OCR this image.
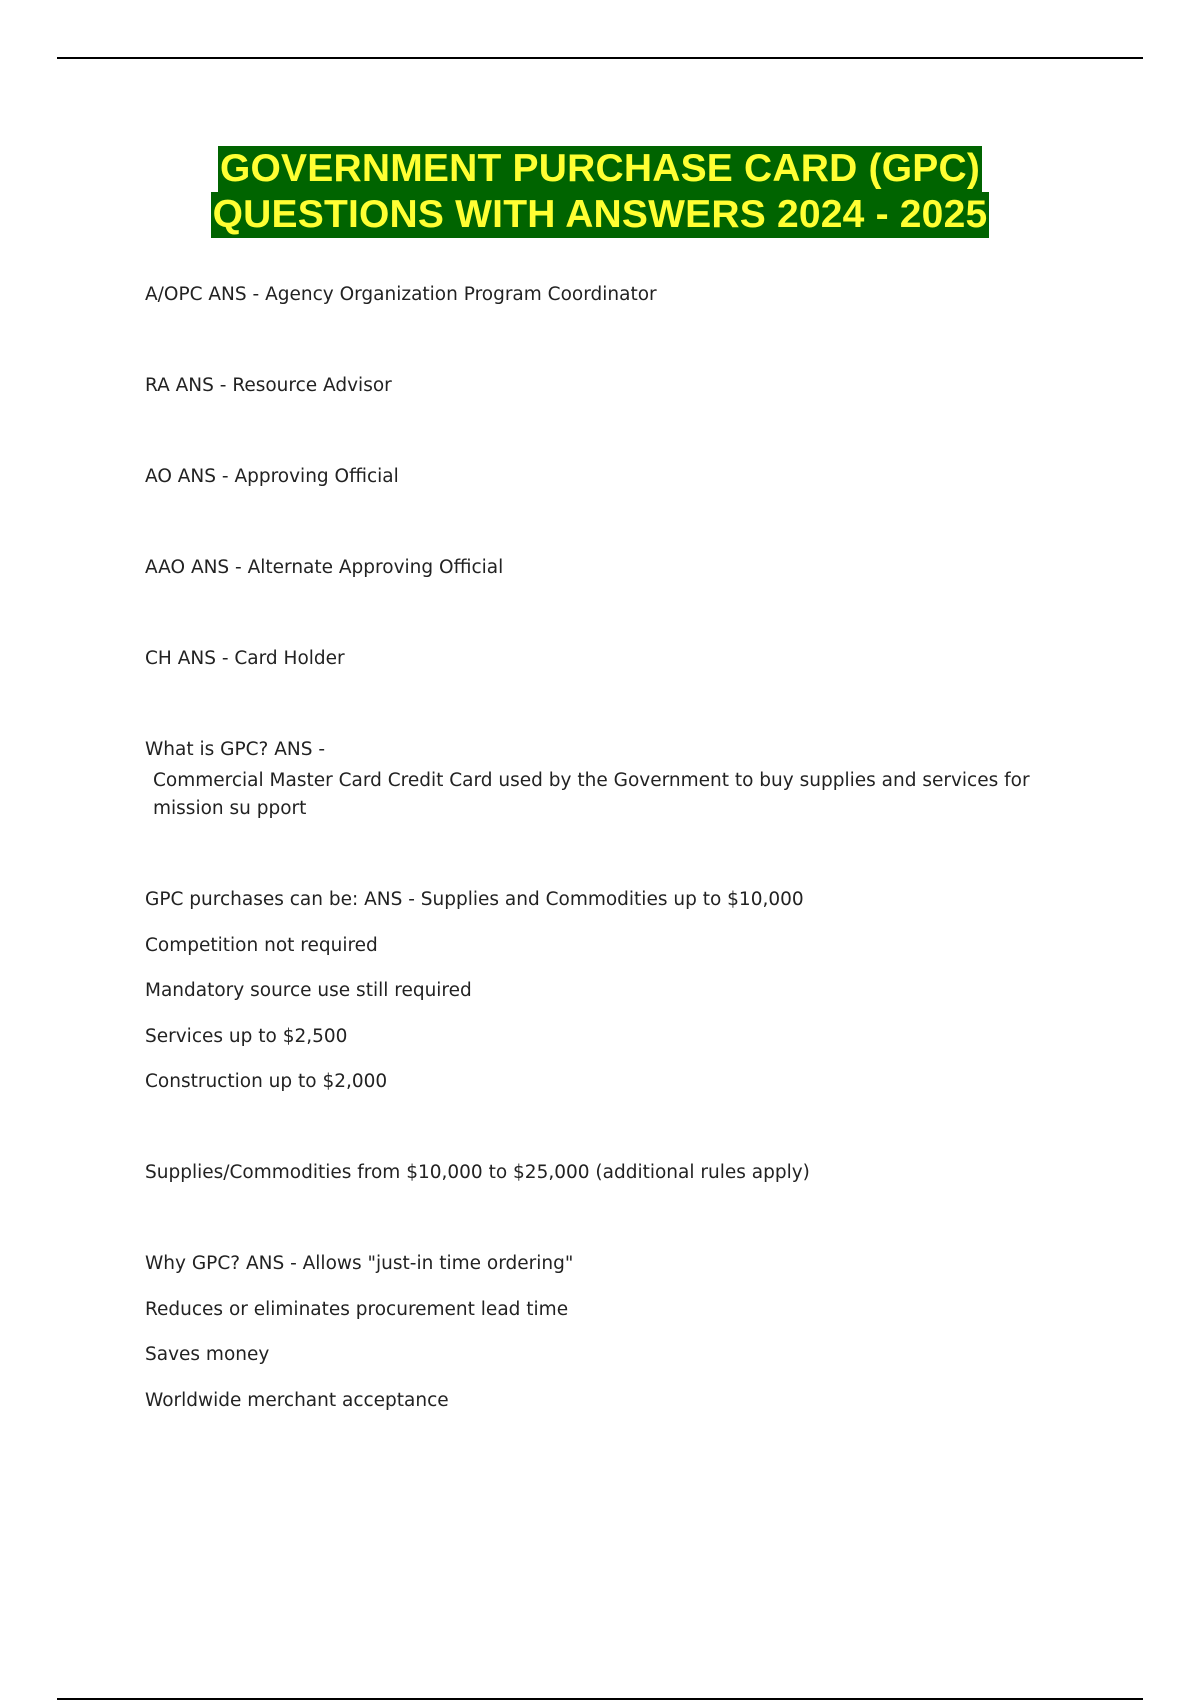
GOVERNMENT PURCHASE CARD (GPC)
QUESTIONS WITH ANSWERS 2024 - 2025
A/OPC ANS - Agency Organization Program Coordinator
RA ANS - Resource Advisor
AO ANS - Approving Official
AAO ANS - Alternate Approving Official
CH ANS - Card Holder
What is GPC? ANS -
Commercial Master Card Credit Card used by the Government to buy supplies and services for mission su pport
GPC purchases can be: ANS - Supplies and Commodities up to $10,000
Competition not required
Mandatory source use still required
Services up to $2,500
Construction up to $2,000
Supplies/Commodities from $10,000 to $25,000 (additional rules apply)
Why GPC? ANS - Allows "just-in time ordering"
Reduces or eliminates procurement lead time
Saves money
Worldwide merchant acceptance
